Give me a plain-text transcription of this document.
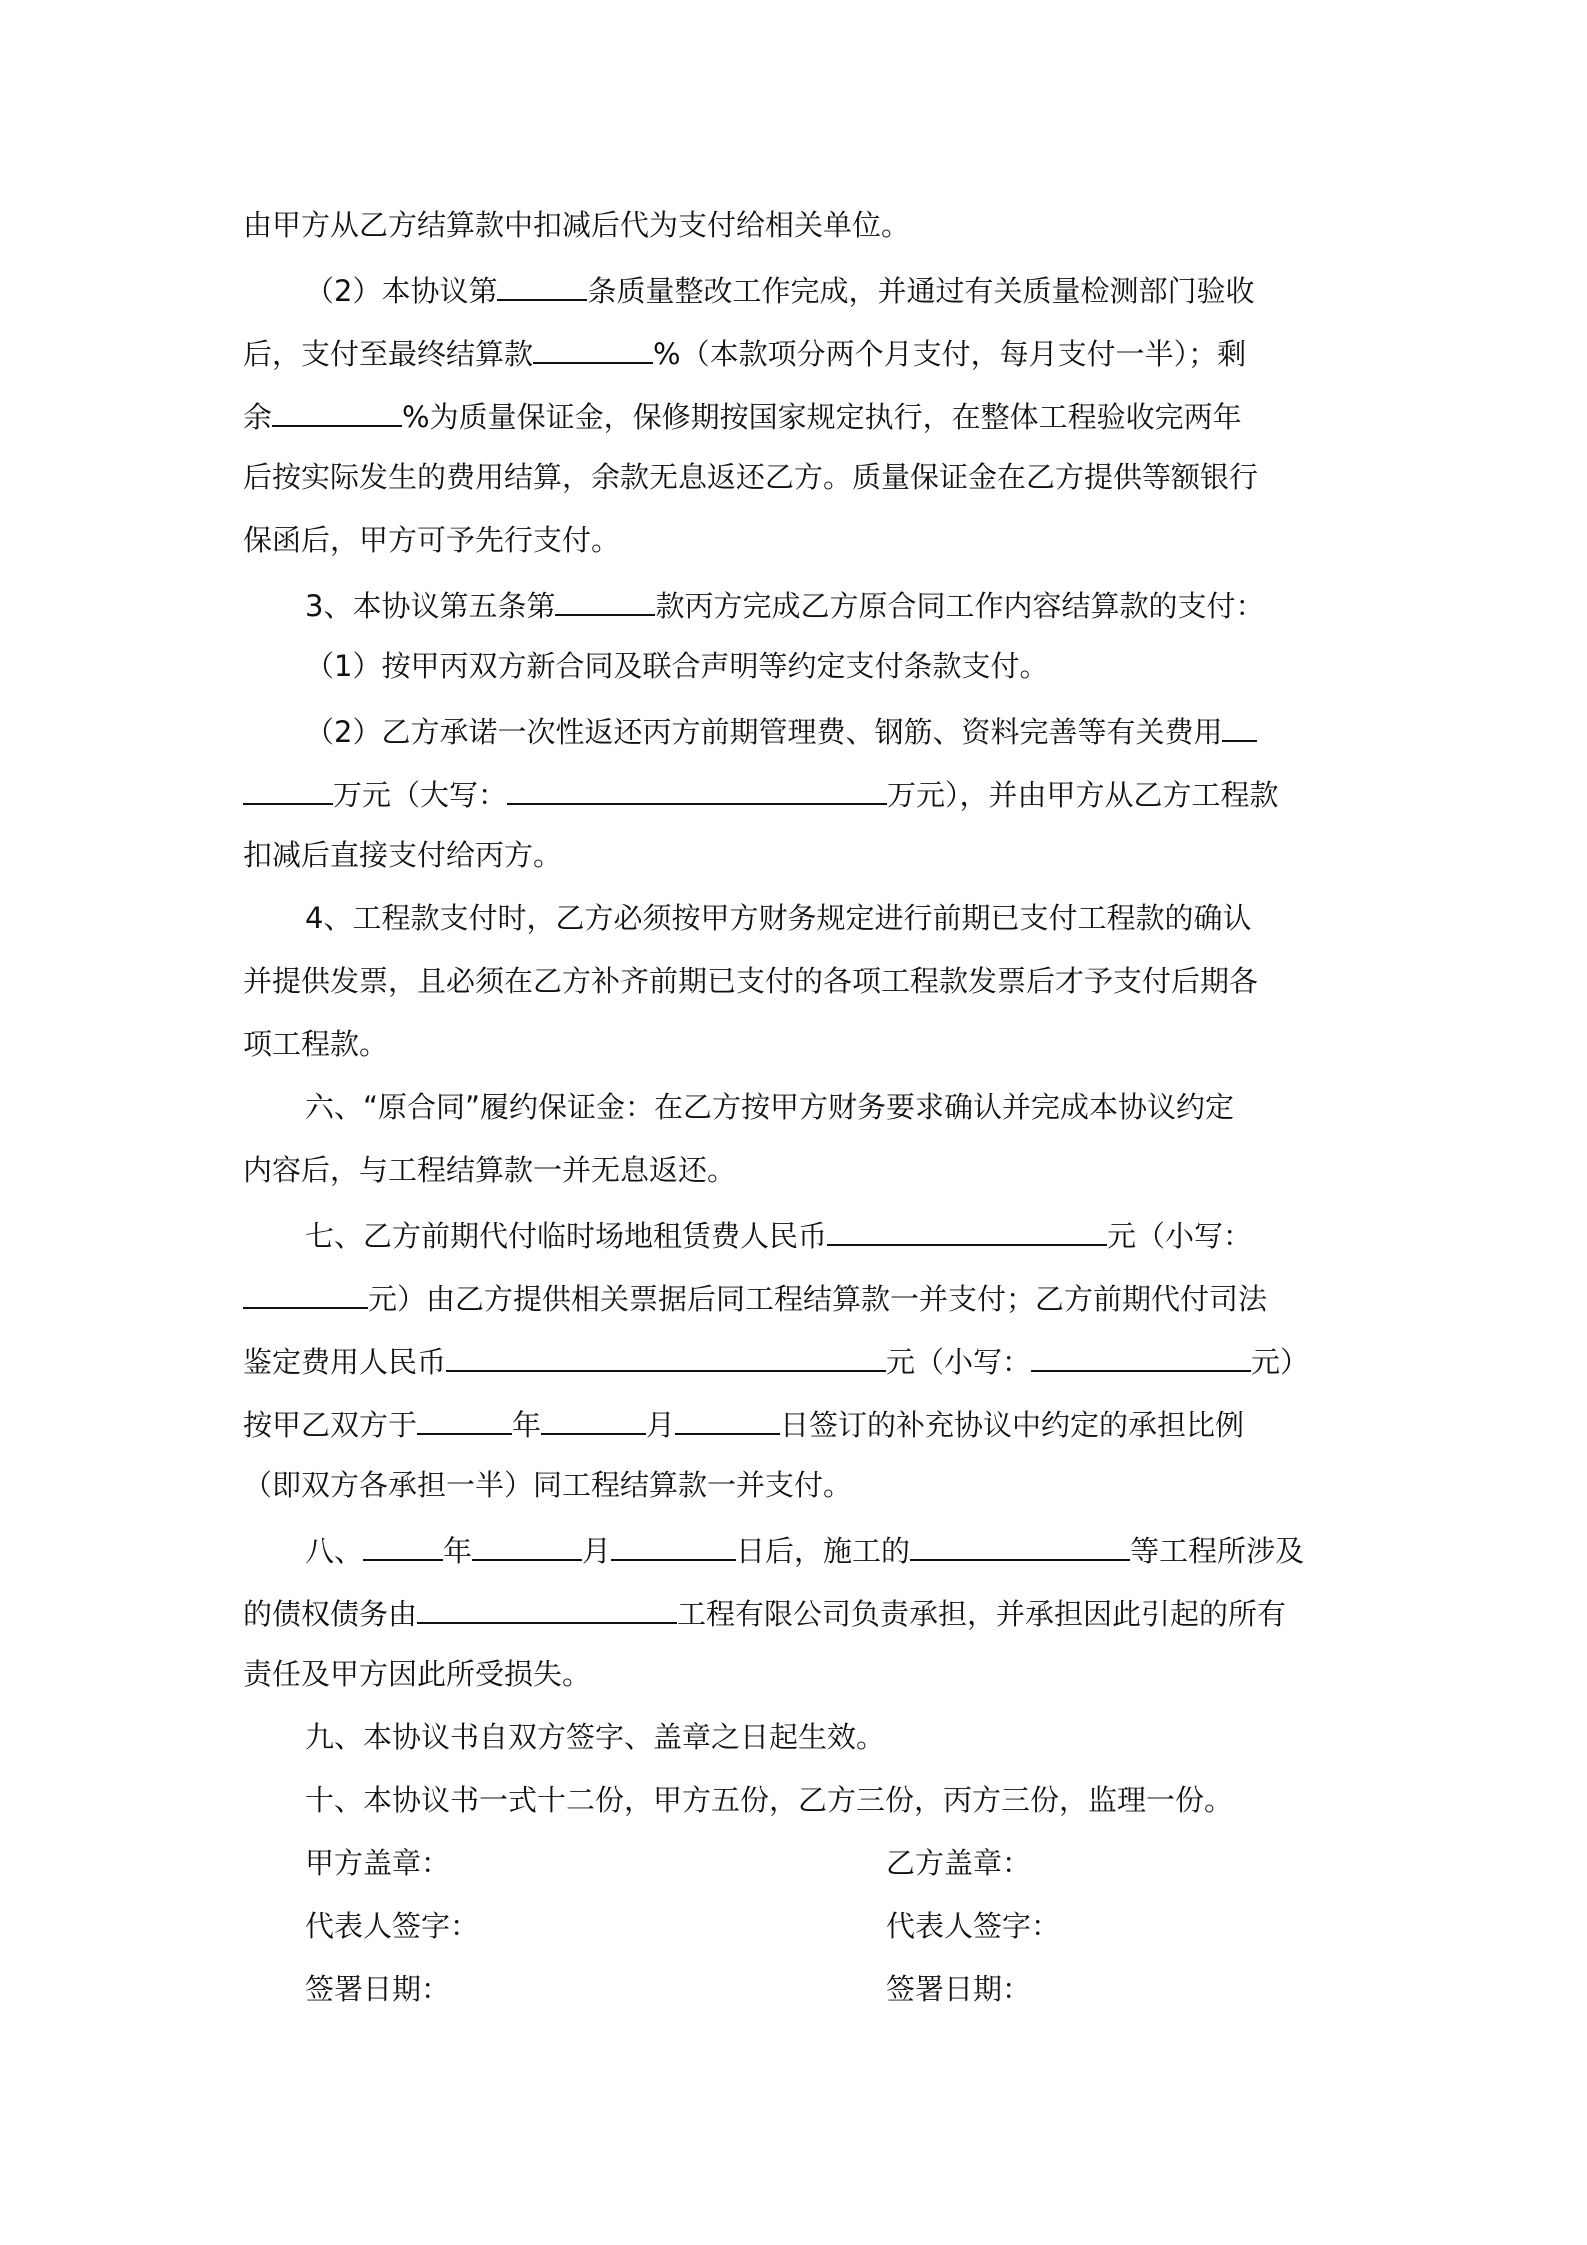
由甲方从乙方结算款中扣减后代为支付给相关单位。
（2）本协议第	条质量整改工作完成，并通过有关质量检测部门验收
后，支付至最终结算款	%（本款项分两个月支付，每月支付一半）；剩
余	%为质量保证金，保修期按国家规定执行，在整体工程验收完两年
后按实际发生的费用结算，余款无息返还乙方。质量保证金在乙方提供等额银行
保函后，甲方可予先行支付。
3、本协议第五条第	款丙方完成乙方原合同工作内容结算款的支付：
（1）按甲丙双方新合同及联合声明等约定支付条款支付。
（2）乙方承诺一次性返还丙方前期管理费、钢筋、资料完善等有关费用
万元（大写：	万元），并由甲方从乙方工程款
扣减后直接支付给丙方。
4、工程款支付时，乙方必须按甲方财务规定进行前期已支付工程款的确认
并提供发票，且必须在乙方补齐前期已支付的各项工程款发票后才予支付后期各
项工程款。
六、“原合同”履约保证金：在乙方按甲方财务要求确认并完成本协议约定
内容后，与工程结算款一并无息返还。
七、乙方前期代付临时场地租赁费人民币	元（小写：
元）由乙方提供相关票据后同工程结算款一并支付；乙方前期代付司法
鉴定费用人民币	元（小写：	元）
按甲乙双方于	年	月	日签订的补充协议中约定的承担比例
（即双方各承担一半）同工程结算款一并支付。
八、	年	月	日后，施工的	等工程所涉及
的债权债务由	工程有限公司负责承担，并承担因此引起的所有
责任及甲方因此所受损失。
九、本协议书自双方签字、盖章之日起生效。
十、本协议书一式十二份，甲方五份，乙方三份，丙方三份，监理一份。
甲方盖章：	乙方盖章：
代表人签字：	代表人签字：
签署日期：	签署日期：
